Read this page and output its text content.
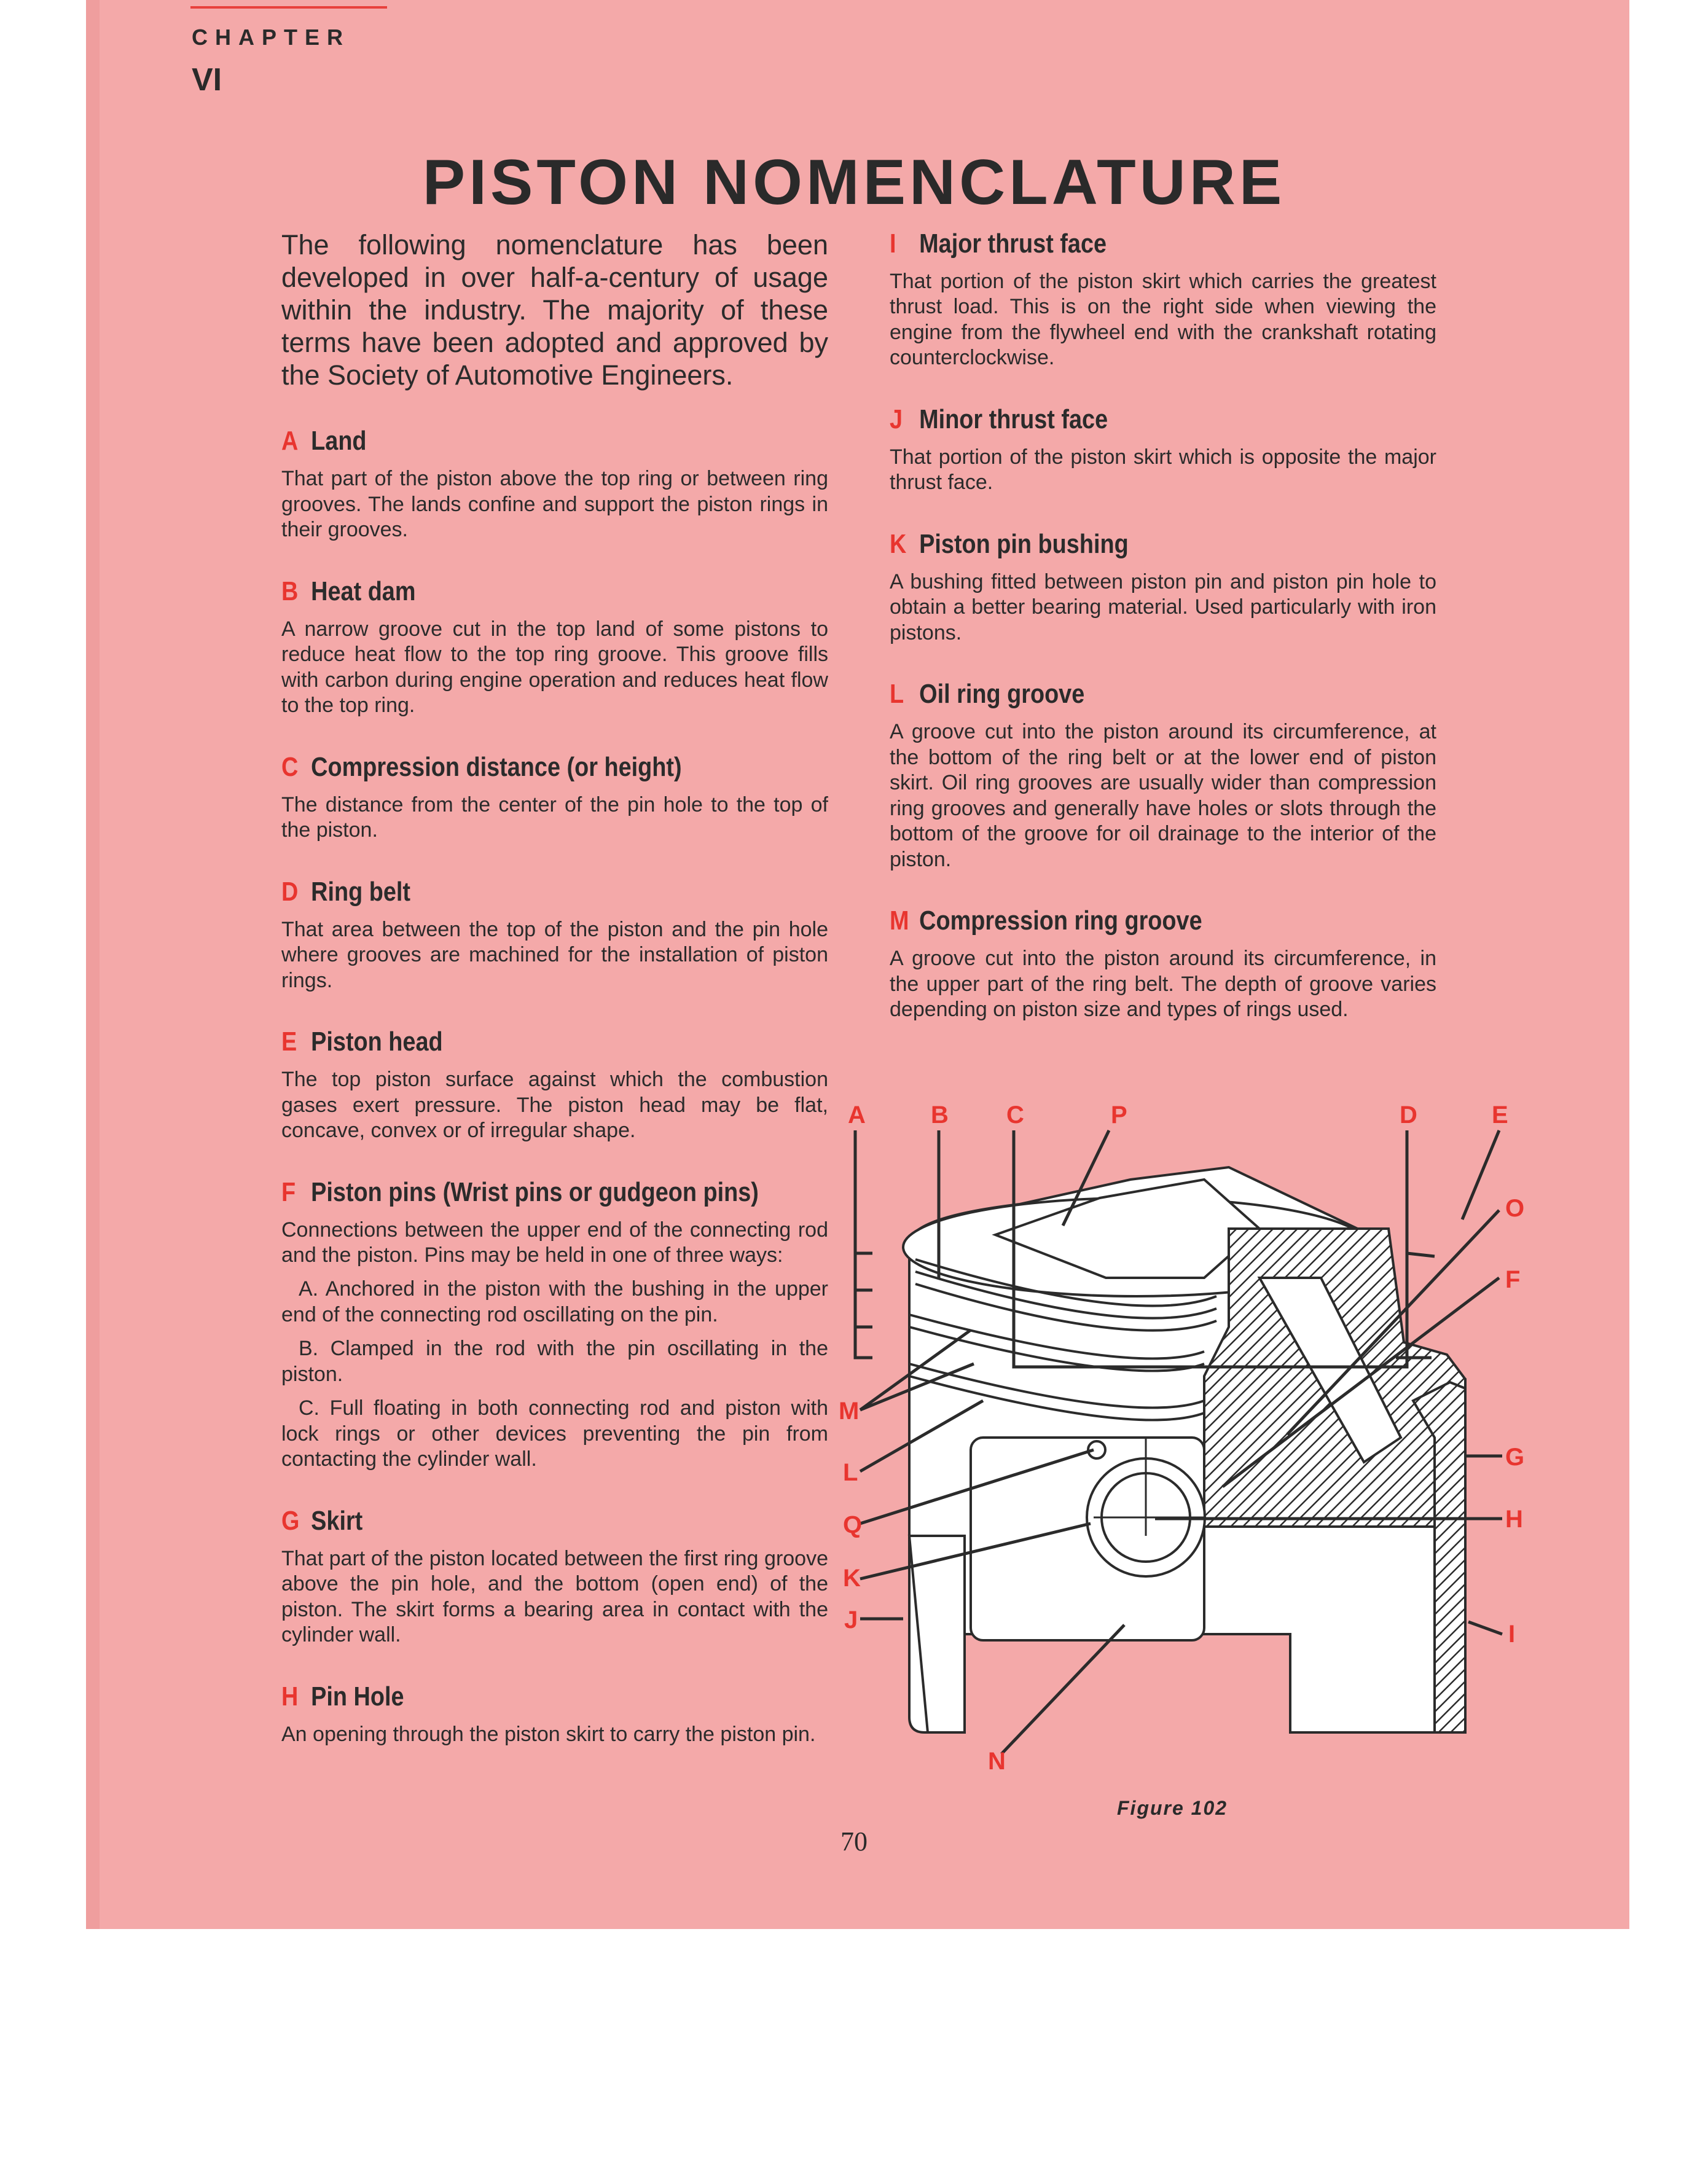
CHAPTER
VI
PISTON NOMENCLATURE

The following nomenclature has been developed in over half-a-century of usage within the industry. The majority of these terms have been adopted and approved by the Society of Automotive Engineers.

A Land

That part of the piston above the top ring or between ring grooves. The lands confine and support the piston rings in their grooves.

B Heat dam

A narrow groove cut in the top land of some pistons to reduce heat flow to the top ring groove. This groove fills with carbon during engine operation and reduces heat flow to the top ring.

C Compression distance (or height)

The distance from the center of the pin hole to the top of the piston.

D Ring belt

That area between the top of the piston and the pin hole where grooves are machined for the installation of piston rings.

E Piston head

The top piston surface against which the combustion gases exert pressure. The piston head may be flat, concave, convex or of irregular shape.

F Piston pins (Wrist pins or gudgeon pins)

Connections between the upper end of the connecting rod and the piston. Pins may be held in one of three ways:

A. Anchored in the piston with the bushing in the upper end of the connecting rod oscillating on the pin.

B. Clamped in the rod with the pin oscillating in the piston.

C. Full floating in both connecting rod and piston with lock rings or other devices preventing the pin from contacting the cylinder wall.

G Skirt

That part of the piston located between the first ring groove above the pin hole, and the bottom (open end) of the piston. The skirt forms a bearing area in contact with the cylinder wall.

H Pin Hole

An opening through the piston skirt to carry the piston pin.

I Major thrust face

That portion of the piston skirt which carries the greatest thrust load. This is on the right side when viewing the engine from the flywheel end with the crankshaft rotating counterclockwise.

J Minor thrust face

That portion of the piston skirt which is opposite the major thrust face.

K Piston pin bushing

A bushing fitted between piston pin and piston pin hole to obtain a better bearing material. Used particularly with iron pistons.

L Oil ring groove

A groove cut into the piston around its circumference, at the bottom of the ring belt or at the lower end of piston skirt. Oil ring grooves are usually wider than compression ring grooves and generally have holes or slots through the bottom of the groove for oil drainage to the interior of the piston.

M Compression ring groove

A groove cut into the piston around its circumference, in the upper part of the ring belt. The depth of groove varies depending on piston size and types of rings used.

A	B C	P	D	E
O
F
G
H
I
M
L
Q
K
J
N
Figure 102
70
